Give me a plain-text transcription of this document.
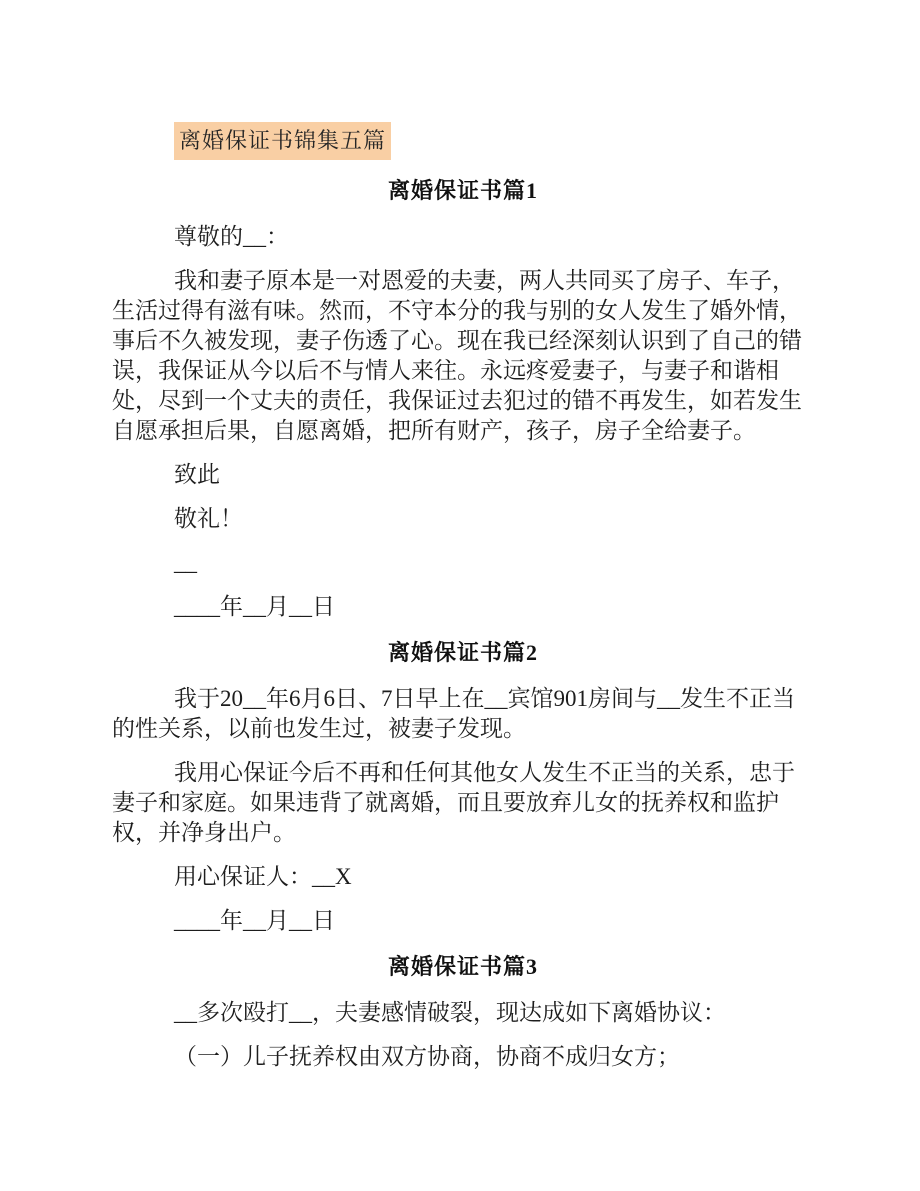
离婚保证书锦集五篇
离婚保证书篇1

尊敬的__：

我和妻子原本是一对恩爱的夫妻，两人共同买了房子、车子，生活过得有滋有味。然而，不守本分的我与别的女人发生了婚外情，事后不久被发现，妻子伤透了心。现在我已经深刻认识到了自己的错误，我保证从今以后不与情人来往。永远疼爱妻子，与妻子和谐相处，尽到一个丈夫的责任，我保证过去犯过的错不再发生，如若发生自愿承担后果，自愿离婚，把所有财产，孩子，房子全给妻子。

致此

敬礼！

__

____年__月__日

离婚保证书篇2

我于20__年6月6日、7日早上在__宾馆901房间与__发生不正当的性关系，以前也发生过，被妻子发现。

我用心保证今后不再和任何其他女人发生不正当的关系，忠于妻子和家庭。如果违背了就离婚，而且要放弃儿女的抚养权和监护权，并净身出户。

用心保证人：__X

____年__月__日

离婚保证书篇3

__多次殴打__，夫妻感情破裂，现达成如下离婚协议：

（一）儿子抚养权由双方协商，协商不成归女方；
